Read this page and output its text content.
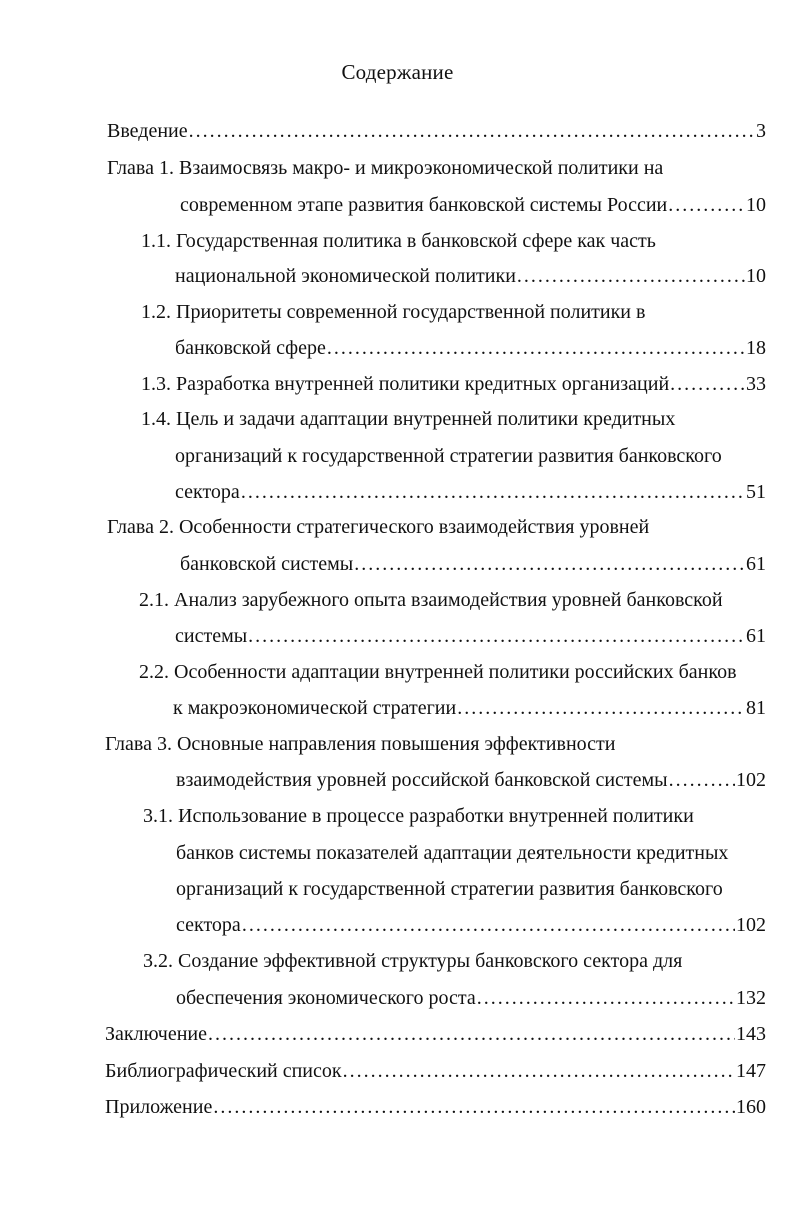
Содержание
Введение .....	3
Глава 1. Взаимосвязь макро- и микроэкономической политики на
современном этапе развития банковской системы России .....	10
1.1. Государственная политика в банковской сфере как часть
национальной экономической политики .....	10
1.2. Приоритеты современной государственной политики в
банковской сфере .....	18
1.3. Разработка внутренней политики кредитных организаций .....	33
1.4. Цель и задачи адаптации внутренней политики кредитных
организаций к государственной стратегии развития банковского
сектора .....	51
Глава 2. Особенности стратегического взаимодействия уровней
банковской системы .....	61
2.1. Анализ зарубежного опыта взаимодействия уровней банковской
системы .....	61
2.2. Особенности адаптации внутренней политики российских банков
к макроэкономической стратегии .....	81
Глава 3. Основные направления повышения эффективности
взаимодействия уровней российской банковской системы .....	102
3.1. Использование в процессе разработки внутренней политики
банков системы показателей адаптации деятельности кредитных
организаций к государственной стратегии развития банковского
сектора .....	102
3.2. Создание эффективной структуры банковского сектора для
обеспечения экономического роста .....	132
Заключение .....	143
Библиографический список .....	147
Приложение .....	160
